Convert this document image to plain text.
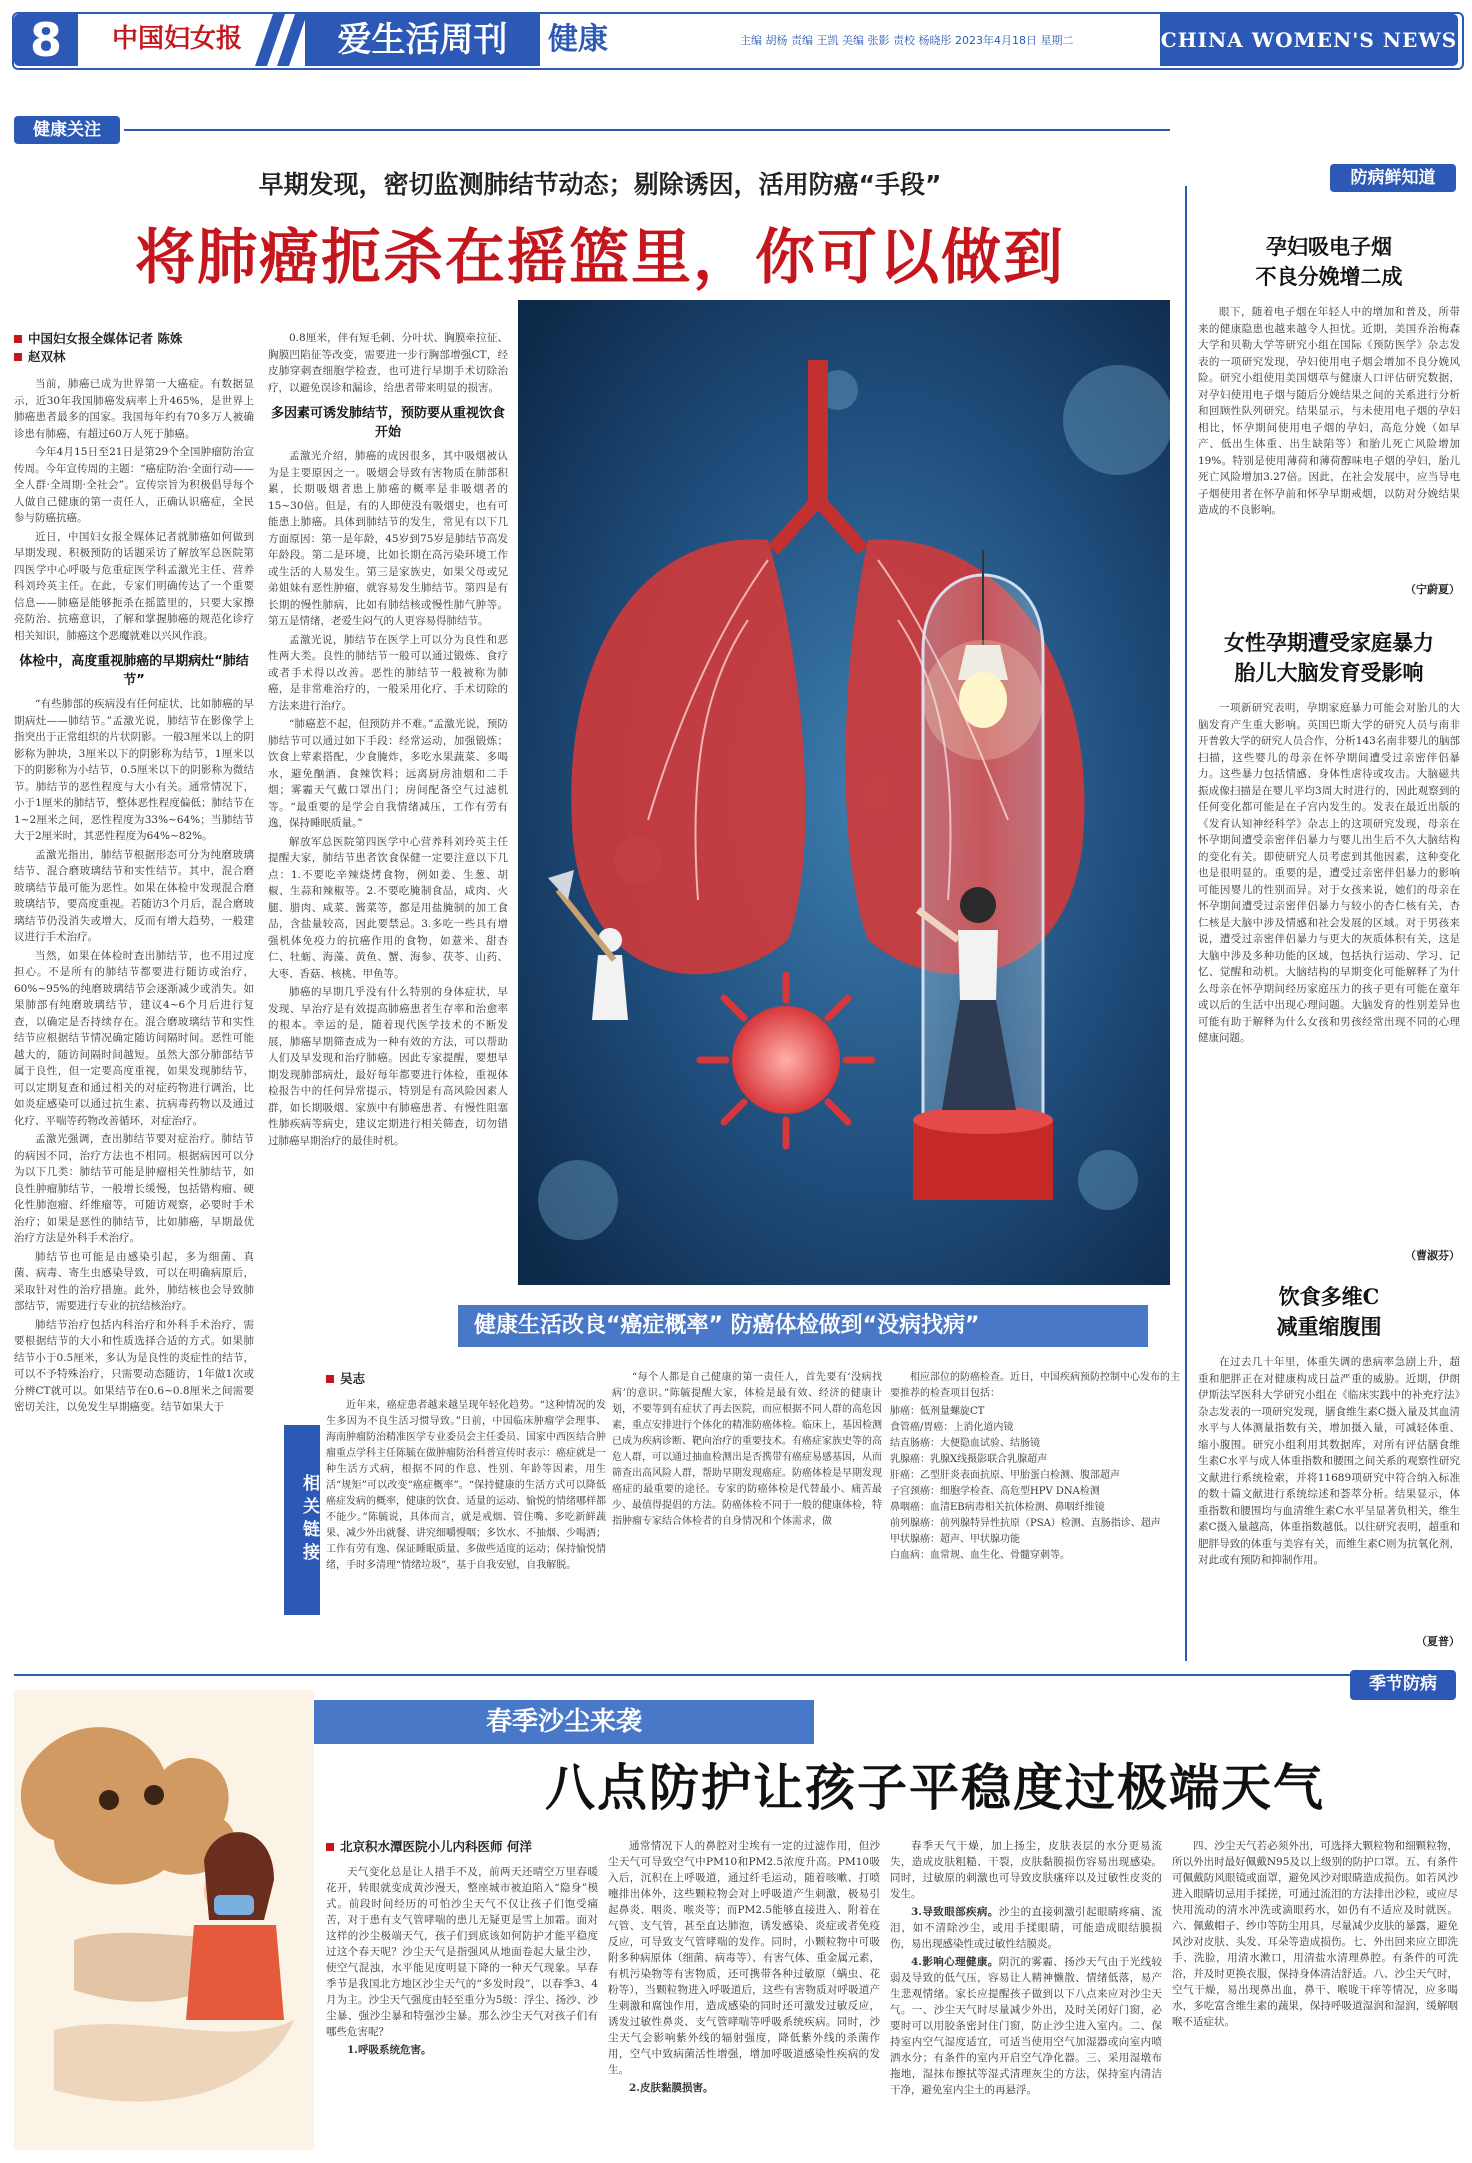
8	中国妇女报	爱生活周刊	健康	主编 胡杨 责编 王凯 美编 张影 责校 杨晓彤 2023年4月18日 星期二	CHINA WOMEN'S NEWS
健康关注
防病鲜知道
早期发现，密切监测肺结节动态；剔除诱因，活用防癌“手段”
将肺癌扼杀在摇篮里，你可以做到
中国妇女报全媒体记者 陈姝
赵双林

当前，肺癌已成为世界第一大癌症。有数据显示，近30年我国肺癌发病率上升465%，是世界上肺癌患者最多的国家。我国每年约有70多万人被确诊患有肺癌，有超过60万人死于肺癌。

今年4月15日至21日是第29个全国肿瘤防治宣传周。今年宣传周的主题：“癌症防治·全面行动——全人群·全周期·全社会”。宣传宗旨为积极倡导每个人做自己健康的第一责任人，正确认识癌症，全民参与防癌抗癌。

近日，中国妇女报全媒体记者就肺癌如何做到早期发现、积极预防的话题采访了解放军总医院第四医学中心呼吸与危重症医学科孟激光主任、营养科刘玲英主任。在此，专家们明确传达了一个重要信息——肺癌是能够扼杀在摇篮里的，只要大家擦亮防治、抗癌意识，了解和掌握肺癌的规范化诊疗相关知识，肺癌这个恶魔就难以兴风作浪。

体检中，高度重视肺癌的早期病灶“肺结节”

“有些肺部的疾病没有任何症状，比如肺癌的早期病灶——肺结节。”孟激光说，肺结节在影像学上指突出于正常组织的片状阴影。一般3厘米以上的阴影称为肿块，3厘米以下的阴影称为结节，1厘米以下的阴影称为小结节，0.5厘米以下的阴影称为微结节。肺结节的恶性程度与大小有关。通常情况下，小于1厘米的肺结节，整体恶性程度偏低；肺结节在1~2厘米之间，恶性程度为33%~64%；当肺结节大于2厘米时，其恶性程度为64%~82%。

孟激光指出，肺结节根据形态可分为纯磨玻璃结节、混合磨玻璃结节和实性结节。其中，混合磨玻璃结节最可能为恶性。如果在体检中发现混合磨玻璃结节，要高度重视。若随访3个月后，混合磨玻璃结节仍没消失或增大，反而有增大趋势，一般建议进行手术治疗。

当然，如果在体检时查出肺结节，也不用过度担心。不是所有的肺结节都要进行随访或治疗，60%~95%的纯磨玻璃结节会逐渐减少或消失。如果肺部有纯磨玻璃结节，建议4~6个月后进行复查，以确定是否持续存在。混合磨玻璃结节和实性结节应根据结节情况确定随访间隔时间。恶性可能越大的，随访间隔时间越短。虽然大部分肺部结节属于良性，但一定要高度重视，如果发现肺结节，可以定期复查和通过相关的对症药物进行调治，比如炎症感染可以通过抗生素、抗病毒药物以及通过化疗、平喘等药物改善循环，对症治疗。

孟激光强调，查出肺结节要对症治疗。肺结节的病因不同，治疗方法也不相同。根据病因可以分为以下几类：肺结节可能是肿瘤相关性肺结节，如良性肿瘤肺结节，一般增长缓慢，包括错构瘤、硬化性肺泡瘤、纤维瘤等，可随访观察，必要时手术治疗；如果是恶性的肺结节，比如肺癌，早期最优治疗方法是外科手术治疗。

肺结节也可能是由感染引起，多为细菌、真菌、病毒、寄生虫感染导致，可以在明确病原后，采取针对性的治疗措施。此外，肺结核也会导致肺部结节，需要进行专业的抗结核治疗。

肺结节治疗包括内科治疗和外科手术治疗，需要根据结节的大小和性质选择合适的方式。如果肺结节小于0.5厘米，多认为是良性的炎症性的结节，可以不予特殊治疗，只需要动态随访，1年做1次或分辨CT就可以。如果结节在0.6~0.8厘米之间需要密切关注，以免发生早期癌变。结节如果大于

0.8厘米，伴有短毛刺、分叶状、胸膜牵拉征、胸膜凹陷征等改变，需要进一步行胸部增强CT，经皮肺穿刺查细胞学检查，也可进行早期手术切除治疗，以避免误诊和漏诊，给患者带来明显的损害。

多因素可诱发肺结节，预防要从重视饮食开始

孟激光介绍，肺癌的成因很多，其中吸烟被认为是主要原因之一。吸烟会导致有害物质在肺部积累，长期吸烟者患上肺癌的概率是非吸烟者的15~30倍。但是，有的人即使没有吸烟史，也有可能患上肺癌。具体到肺结节的发生，常见有以下几方面原因：第一是年龄，45岁到75岁是肺结节高发年龄段。第二是环境，比如长期在高污染环境工作或生活的人易发生。第三是家族史，如果父母或兄弟姐妹有恶性肿瘤，就容易发生肺结节。第四是有长期的慢性肺病，比如有肺结核或慢性肺气肿等。第五是情绪，老爱生闷气的人更容易得肺结节。

孟激光说，肺结节在医学上可以分为良性和恶性两大类。良性的肺结节一般可以通过锻炼、食疗或者手术得以改善。恶性的肺结节一般被称为肺癌，是非常难治疗的，一般采用化疗、手术切除的方法来进行治疗。

“肺癌惹不起，但预防并不难。”孟激光说，预防肺结节可以通过如下手段：经常运动，加强锻炼；饮食上荤素搭配，少食腌炸，多吃水果蔬菜、多喝水，避免酗酒、食辣饮料；远离厨房油烟和二手烟；雾霾天气戴口罩出门；房间配备空气过滤机等。“最重要的是学会自我情绪减压，工作有劳有逸，保持睡眠质量。”

解放军总医院第四医学中心营养科刘玲英主任提醒大家，肺结节患者饮食保健一定要注意以下几点：1.不要吃辛辣烧烤食物，例如姜、生葱、胡椒、生蒜和辣椒等。2.不要吃腌制食品，咸肉、火腿、腊肉、咸菜、酱菜等，都是用盐腌制的加工食品，含盐量较高，因此要禁忌。3.多吃一些具有增强机体免疫力的抗癌作用的食物，如薏米、甜杏仁、牡蛎、海藻、黄鱼、蟹、海参、茯苓、山药、大枣、香菇、核桃、甲鱼等。

肺癌的早期几乎没有什么特别的身体症状，早发现、早治疗是有效提高肺癌患者生存率和治愈率的根本。幸运的是，随着现代医学技术的不断发展，肺癌早期筛查成为一种有效的方法，可以帮助人们及早发现和治疗肺癌。因此专家提醒，要想早期发现肺部病灶，最好每年都要进行体检，重视体检报告中的任何异常提示，特别是有高风险因素人群，如长期吸烟、家族中有肺癌患者、有慢性阻塞性肺疾病等病史，建议定期进行相关筛查，切勿错过肺癌早期治疗的最佳时机。

孕妇吸电子烟
不良分娩增二成

眼下，随着电子烟在年轻人中的增加和普及，所带来的健康隐患也越来越令人担忧。近期，美国乔治梅森大学和贝勒大学等研究小组在国际《预防医学》杂志发表的一项研究发现，孕妇使用电子烟会增加不良分娩风险。研究小组使用美国烟草与健康人口评估研究数据，对孕妇使用电子烟与随后分娩结果之间的关系进行分析和回顾性队列研究。结果显示，与未使用电子烟的孕妇相比，怀孕期间使用电子烟的孕妇，高危分娩（如早产、低出生体重、出生缺陷等）和胎儿死亡风险增加19%。特别是使用薄荷和薄荷醇味电子烟的孕妇，胎儿死亡风险增加3.27倍。因此，在社会发展中，应当导电子烟使用者在怀孕前和怀孕早期戒烟，以防对分娩结果造成的不良影响。

（宁蔚夏）
女性孕期遭受家庭暴力
胎儿大脑发育受影响

一项新研究表明，孕期家庭暴力可能会对胎儿的大脑发育产生重大影响。英国巴斯大学的研究人员与南非开普敦大学的研究人员合作，分析143名南非婴儿的脑部扫描，这些婴儿的母亲在怀孕期间遭受过亲密伴侣暴力。这些暴力包括情感、身体性虐待或攻击。大脑磁共振成像扫描是在婴儿平均3周大时进行的，因此观察到的任何变化都可能是在子宫内发生的。发表在最近出版的《发育认知神经科学》杂志上的这项研究发现，母亲在怀孕期间遭受亲密伴侣暴力与婴儿出生后不久大脑结构的变化有关。即使研究人员考虑到其他因素，这种变化也是很明显的。重要的是，遭受过亲密伴侣暴力的影响可能因婴儿的性别而异。对于女孩来说，她们的母亲在怀孕期间遭受过亲密伴侣暴力与较小的杏仁核有关，杏仁核是大脑中涉及情感和社会发展的区域。对于男孩来说，遭受过亲密伴侣暴力与更大的灰质体积有关，这是大脑中涉及多种功能的区域，包括执行运动、学习、记忆、觉醒和动机。大脑结构的早期变化可能解释了为什么母亲在怀孕期间经历家庭压力的孩子更有可能在童年或以后的生活中出现心理问题。大脑发育的性别差异也可能有助于解释为什么女孩和男孩经常出现不同的心理健康问题。

（曹淑芬）
饮食多维C
减重缩腹围

在过去几十年里，体重失调的患病率急剧上升，超重和肥胖正在对健康构成日益严重的威胁。近期，伊朗伊斯法罕医科大学研究小组在《临床实践中的补充疗法》杂志发表的一项研究发现，膳食维生素C摄入量及其血清水平与人体测量指数有关，增加摄入量，可减轻体重、缩小腹围。研究小组利用其数据库，对所有评估膳食维生素C水平与成人体重指数和腰围之间关系的观察性研究文献进行系统检索，并将11689项研究中符合纳入标准的数十篇文献进行系统综述和荟萃分析。结果显示，体重指数和腰围均与血清维生素C水平呈显著负相关，维生素C摄入量越高，体重指数越低。以往研究表明，超重和肥胖导致的体重与美容有关，而维生素C则为抗氧化剂，对此或有预防和抑制作用。

（夏普）
健康生活改良“癌症概率” 防癌体检做到“没病找病”
相关链接
吴志

近年来，癌症患者越来越呈现年轻化趋势。“这种情况的发生多因为不良生活习惯导致。”日前，中国临床肿瘤学会理事、海南肿瘤防治精准医学专业委员会主任委员、国家中西医结合肿瘤重点学科主任陈毓在做肿瘤防治科普宣传时表示：癌症就是一种生活方式病，根据不同的作息、性别、年龄等因素，用生活“规矩”可以改变“癌症概率”。“保持健康的生活方式可以降低癌症发病的概率，健康的饮食、适量的运动、愉悦的情绪哪样都不能少。”陈毓说，具体而言，就是戒烟、管住嘴、多吃新鲜蔬果、减少外出就餐、讲究细嚼慢咽；多饮水、不抽烟、少喝酒；工作有劳有逸、保证睡眠质量、多做些适度的运动；保持愉悦情绪，手时多清理“情绪垃圾”，基于自我安慰，自我解脱。

“每个人都是自己健康的第一责任人，首先要有‘没病找病’的意识。”陈毓提醒大家，体检是最有效、经济的健康计划，不要等到有症状了再去医院，而应根据不同人群的高危因素，重点安排进行个体化的精准防癌体检。临床上，基因检测已成为疾病诊断、靶向治疗的重要技术。有癌症家族史等的高危人群，可以通过抽血检测出是否携带有癌症易感基因，从而筛查出高风险人群，帮助早期发现癌症。防癌体检是早期发现癌症的最重要的途径。专家的防癌体检是代替最小、痛苦最少、最值得提倡的方法。防癌体检不同于一般的健康体检，特指肿瘤专家结合体检者的自身情况和个体需求，做

相应部位的防癌检查。近日，中国疾病预防控制中心发布的主要推荐的检查项目包括：

肺癌：低剂量螺旋CT
食管癌/胃癌：上消化道内镜
结直肠癌：大便隐血试验、结肠镜
乳腺癌：乳腺X线摄影联合乳腺超声
肝癌：乙型肝炎表面抗原、甲胎蛋白检测、腹部超声
子宫颈癌：细胞学检查、高危型HPV DNA检测
鼻咽癌：血清EB病毒相关抗体检测、鼻咽纤维镜
前列腺癌：前列腺特异性抗原（PSA）检测、直肠指诊、超声
甲状腺癌：超声、甲状腺功能
白血病：血常规、血生化、骨髓穿刺等。
季节防病
春季沙尘来袭
八点防护让孩子平稳度过极端天气
北京积水潭医院小儿内科医师 何洋

天气变化总是让人措手不及，前两天还晴空万里春暖花开，转眼就变成黄沙漫天，整座城市被迫陷入“隐身”模式。前段时间经历的可怕沙尘天气不仅让孩子们饱受痛苦，对于患有支气管哮喘的患儿无疑更是雪上加霜。面对这样的沙尘极端天气，孩子们到底该如何防护才能平稳度过这个春天呢？沙尘天气是指强风从地面卷起大量尘沙，使空气混浊，水平能见度明显下降的一种天气现象。早春季节是我国北方地区沙尘天气的“多发时段”，以春季3、4月为主。沙尘天气强度由轻至重分为5级：浮尘、扬沙、沙尘暴、强沙尘暴和特强沙尘暴。那么沙尘天气对孩子们有哪些危害呢？

1.呼吸系统危害。

通常情况下人的鼻腔对尘埃有一定的过滤作用，但沙尘天气可导致空气中PM10和PM2.5浓度升高。PM10吸入后，沉积在上呼吸道，通过纤毛运动，随着咳嗽、打喷嚏排出体外，这些颗粒物会对上呼吸道产生刺激，极易引起鼻炎、咽炎、喉炎等；而PM2.5能够直接进入、附着在气管、支气管，甚至直达肺泡，诱发感染、炎症或者免疫反应，可导致支气管哮喘的发作。同时，小颗粒物中可吸附多种病原体（细菌、病毒等）、有害气体、重金属元素，有机污染物等有害物质，还可携带各种过敏原（螨虫、花粉等），当颗粒物进入呼吸道后，这些有害物质对呼吸道产生刺激和腐蚀作用，造成感染的同时还可激发过敏反应，诱发过敏性鼻炎、支气管哮喘等呼吸系统疾病。同时，沙尘天气会影响紫外线的辐射强度，降低紫外线的杀菌作用，空气中致病菌活性增强，增加呼吸道感染性疾病的发生。

2.皮肤黏膜损害。

春季天气干燥，加上扬尘，皮肤表层的水分更易流失，造成皮肤粗糙、干裂，皮肤黏膜损伤容易出现感染。同时，过敏原的刺激也可导致皮肤瘙痒以及过敏性皮炎的发生。

3.导致眼部疾病。沙尘的直接刺激引起眼睛疼痛、流泪，如不清除沙尘，或用手揉眼睛，可能造成眼结膜损伤，易出现感染性或过敏性结膜炎。

4.影响心理健康。阴沉的雾霾、扬沙天气由于光线较弱及导致的低气压，容易让人精神懒散、情绪低落，易产生悲观情绪。家长应提醒孩子做到以下八点来应对沙尘天气。一、沙尘天气时尽量减少外出，及时关闭好门窗，必要时可以用胶条密封住门窗，防止沙尘进入室内。二、保持室内空气湿度适宜，可适当使用空气加湿器或向室内喷洒水分；有条件的室内开启空气净化器。三、采用湿墩布拖地，湿抹布擦拭等湿式清理灰尘的方法，保持室内清洁干净，避免室内尘土的再悬浮。

四、沙尘天气若必须外出，可选择大颗粒物和细颗粒物，所以外出时最好佩戴N95及以上级别的防护口罩。五、有条件可佩戴防风眼镜或面罩，避免风沙对眼睛造成损伤。如若风沙进入眼睛切忌用手揉搓，可通过流泪的方法排出沙粒，或应尽快用流动的清水冲洗或滴眼药水，如仍有不适应及时就医。六、佩戴帽子、纱巾等防尘用具，尽量减少皮肤的暴露，避免风沙对皮肤、头发、耳朵等造成损伤。七、外出回来应立即洗手、洗脸，用清水漱口，用清盐水清理鼻腔。有条件的可洗浴，并及时更换衣服，保持身体清洁舒适。八、沙尘天气时，空气干燥，易出现鼻出血，鼻干、喉咙干痒等情况，应多喝水，多吃富含维生素的蔬果，保持呼吸道湿润和湿润，缓解咽喉不适症状。
